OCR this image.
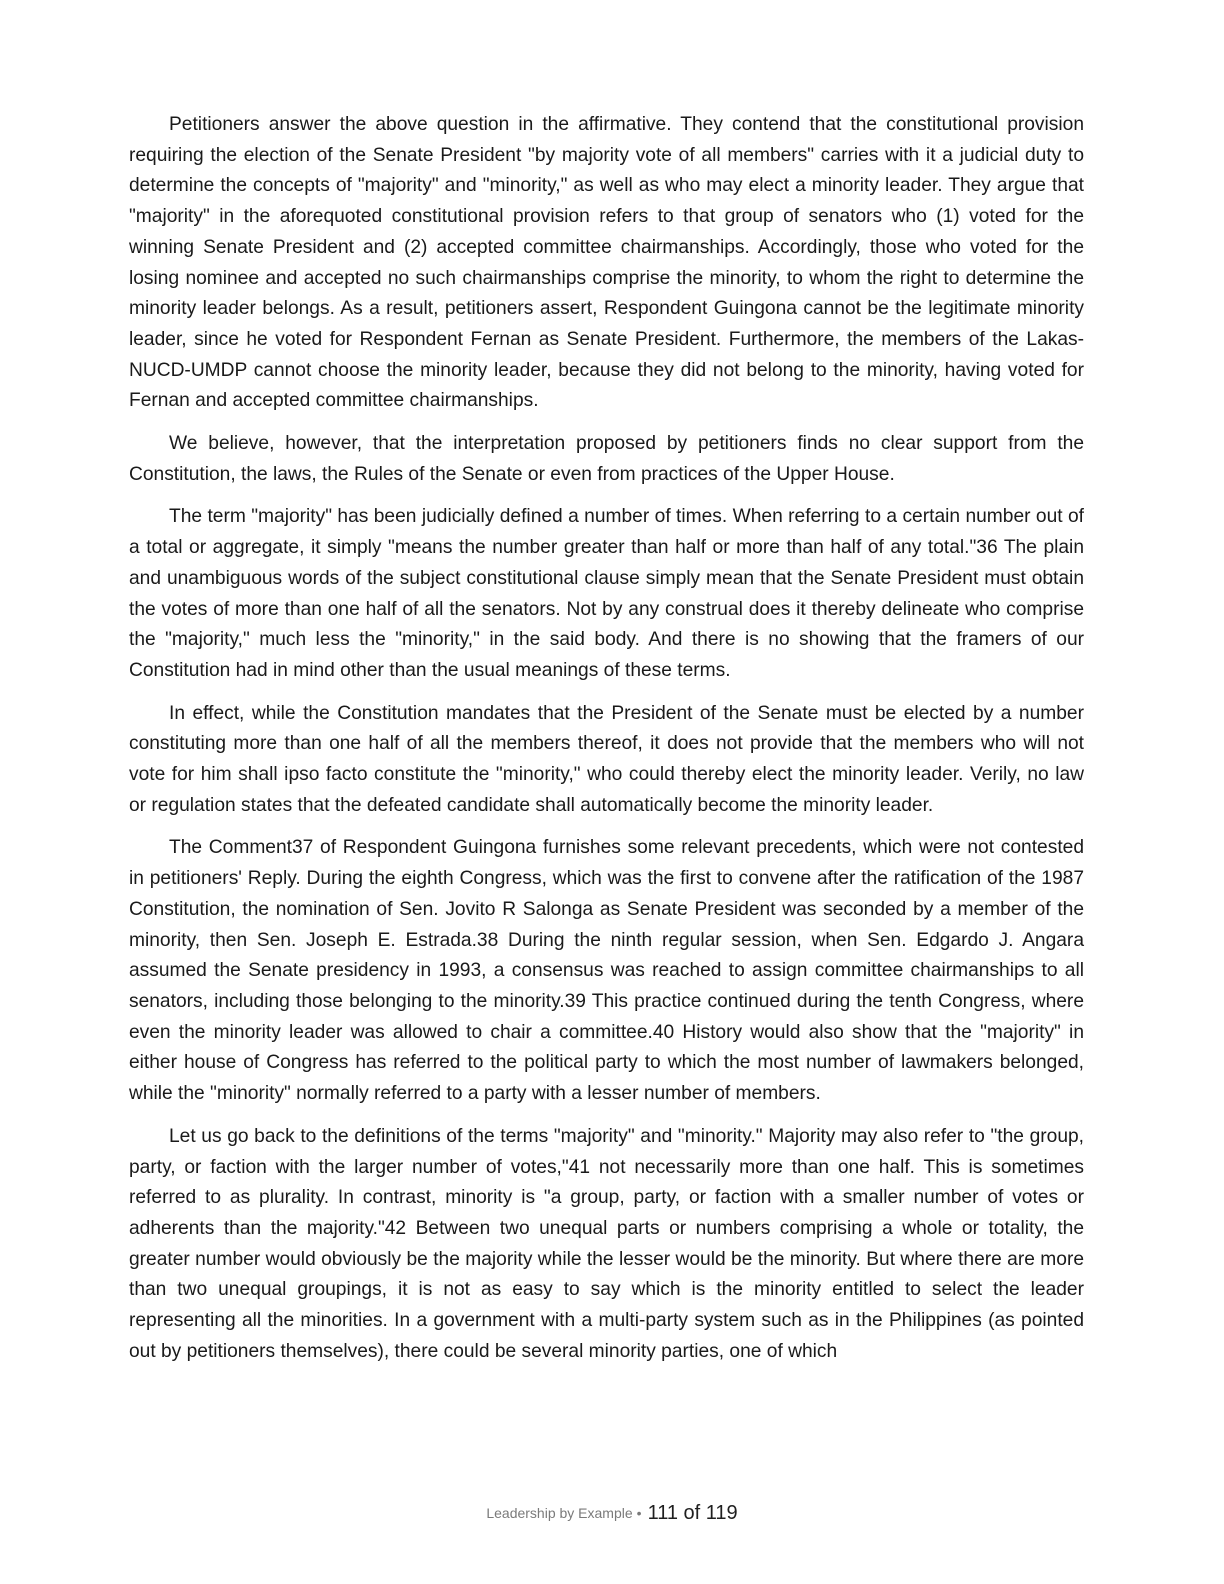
Petitioners answer the above question in the affirmative. They contend that the constitutional provision requiring the election of the Senate President "by majority vote of all members" carries with it a judicial duty to determine the concepts of "majority" and "minority," as well as who may elect a minority leader. They argue that "majority" in the aforequoted constitutional provision refers to that group of senators who (1) voted for the winning Senate President and (2) accepted committee chairmanships. Accordingly, those who voted for the losing nominee and accepted no such chairmanships comprise the minority, to whom the right to determine the minority leader belongs. As a result, petitioners assert, Respondent Guingona cannot be the legitimate minority leader, since he voted for Respondent Fernan as Senate President. Furthermore, the members of the Lakas-NUCD-UMDP cannot choose the minority leader, because they did not belong to the minority, having voted for Fernan and accepted committee chairmanships.

We believe, however, that the interpretation proposed by petitioners finds no clear support from the Constitution, the laws, the Rules of the Senate or even from practices of the Upper House.

The term "majority" has been judicially defined a number of times. When referring to a certain number out of a total or aggregate, it simply "means the number greater than half or more than half of any total."36 The plain and unambiguous words of the subject constitutional clause simply mean that the Senate President must obtain the votes of more than one half of all the senators. Not by any construal does it thereby delineate who comprise the "majority," much less the "minority," in the said body. And there is no showing that the framers of our Constitution had in mind other than the usual meanings of these terms.

In effect, while the Constitution mandates that the President of the Senate must be elected by a number constituting more than one half of all the members thereof, it does not provide that the members who will not vote for him shall ipso facto constitute the "minority," who could thereby elect the minority leader. Verily, no law or regulation states that the defeated candidate shall automatically become the minority leader.

The Comment37 of Respondent Guingona furnishes some relevant precedents, which were not contested in petitioners' Reply. During the eighth Congress, which was the first to convene after the ratification of the 1987 Constitution, the nomination of Sen. Jovito R Salonga as Senate President was seconded by a member of the minority, then Sen. Joseph E. Estrada.38 During the ninth regular session, when Sen. Edgardo J. Angara assumed the Senate presidency in 1993, a consensus was reached to assign committee chairmanships to all senators, including those belonging to the minority.39 This practice continued during the tenth Congress, where even the minority leader was allowed to chair a committee.40 History would also show that the "majority" in either house of Congress has referred to the political party to which the most number of lawmakers belonged, while the "minority" normally referred to a party with a lesser number of members.

Let us go back to the definitions of the terms "majority" and "minority." Majority may also refer to "the group, party, or faction with the larger number of votes,"41 not necessarily more than one half. This is sometimes referred to as plurality. In contrast, minority is "a group, party, or faction with a smaller number of votes or adherents than the majority."42 Between two unequal parts or numbers comprising a whole or totality, the greater number would obviously be the majority while the lesser would be the minority. But where there are more than two unequal groupings, it is not as easy to say which is the minority entitled to select the leader representing all the minorities. In a government with a multi-party system such as in the Philippines (as pointed out by petitioners themselves), there could be several minority parties, one of which

Leadership by Example • 111 of 119
